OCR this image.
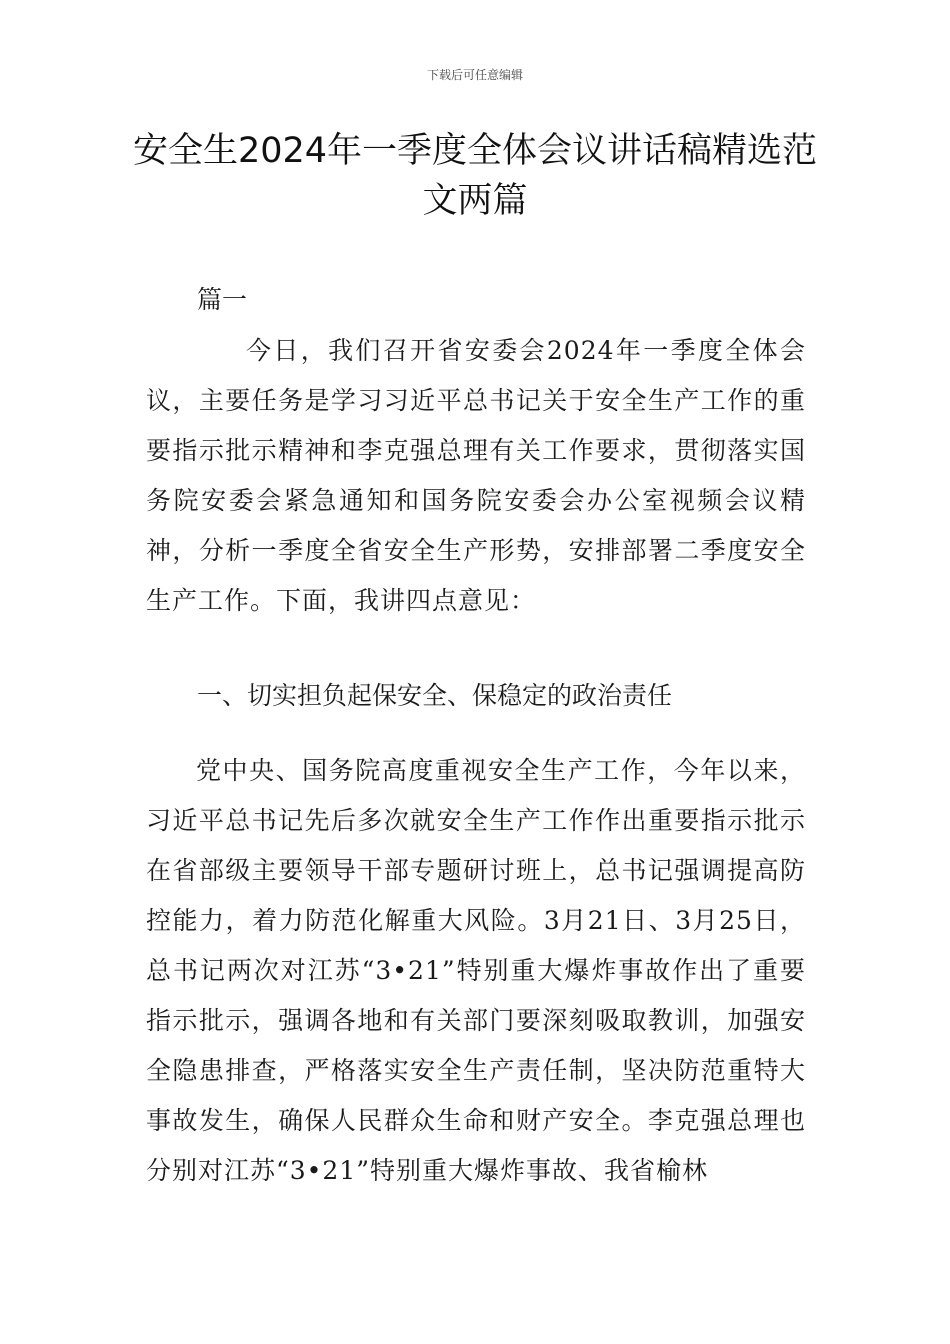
下载后可任意编辑
安全生2024年一季度全体会议讲话稿精选范文两篇

篇一

今日，我们召开省安委会2024年一季度全体会议，主要任务是学习习近平总书记关于安全生产工作的重要指示批示精神和李克强总理有关工作要求，贯彻落实国务院安委会紧急通知和国务院安委会办公室视频会议精神，分析一季度全省安全生产形势，安排部署二季度安全生产工作。下面，我讲四点意见：

一、切实担负起保安全、保稳定的政治责任

党中央、国务院高度重视安全生产工作，今年以来，习近平总书记先后多次就安全生产工作作出重要指示批示在省部级主要领导干部专题研讨班上，总书记强调提高防控能力，着力防范化解重大风险。3月21日、3月25日，总书记两次对江苏“3•21”特别重大爆炸事故作出了重要指示批示，强调各地和有关部门要深刻吸取教训，加强安全隐患排查，严格落实安全生产责任制，坚决防范重特大事故发生，确保人民群众生命和财产安全。李克强总理也分别对江苏“3•21”特别重大爆炸事故、我省榆林
